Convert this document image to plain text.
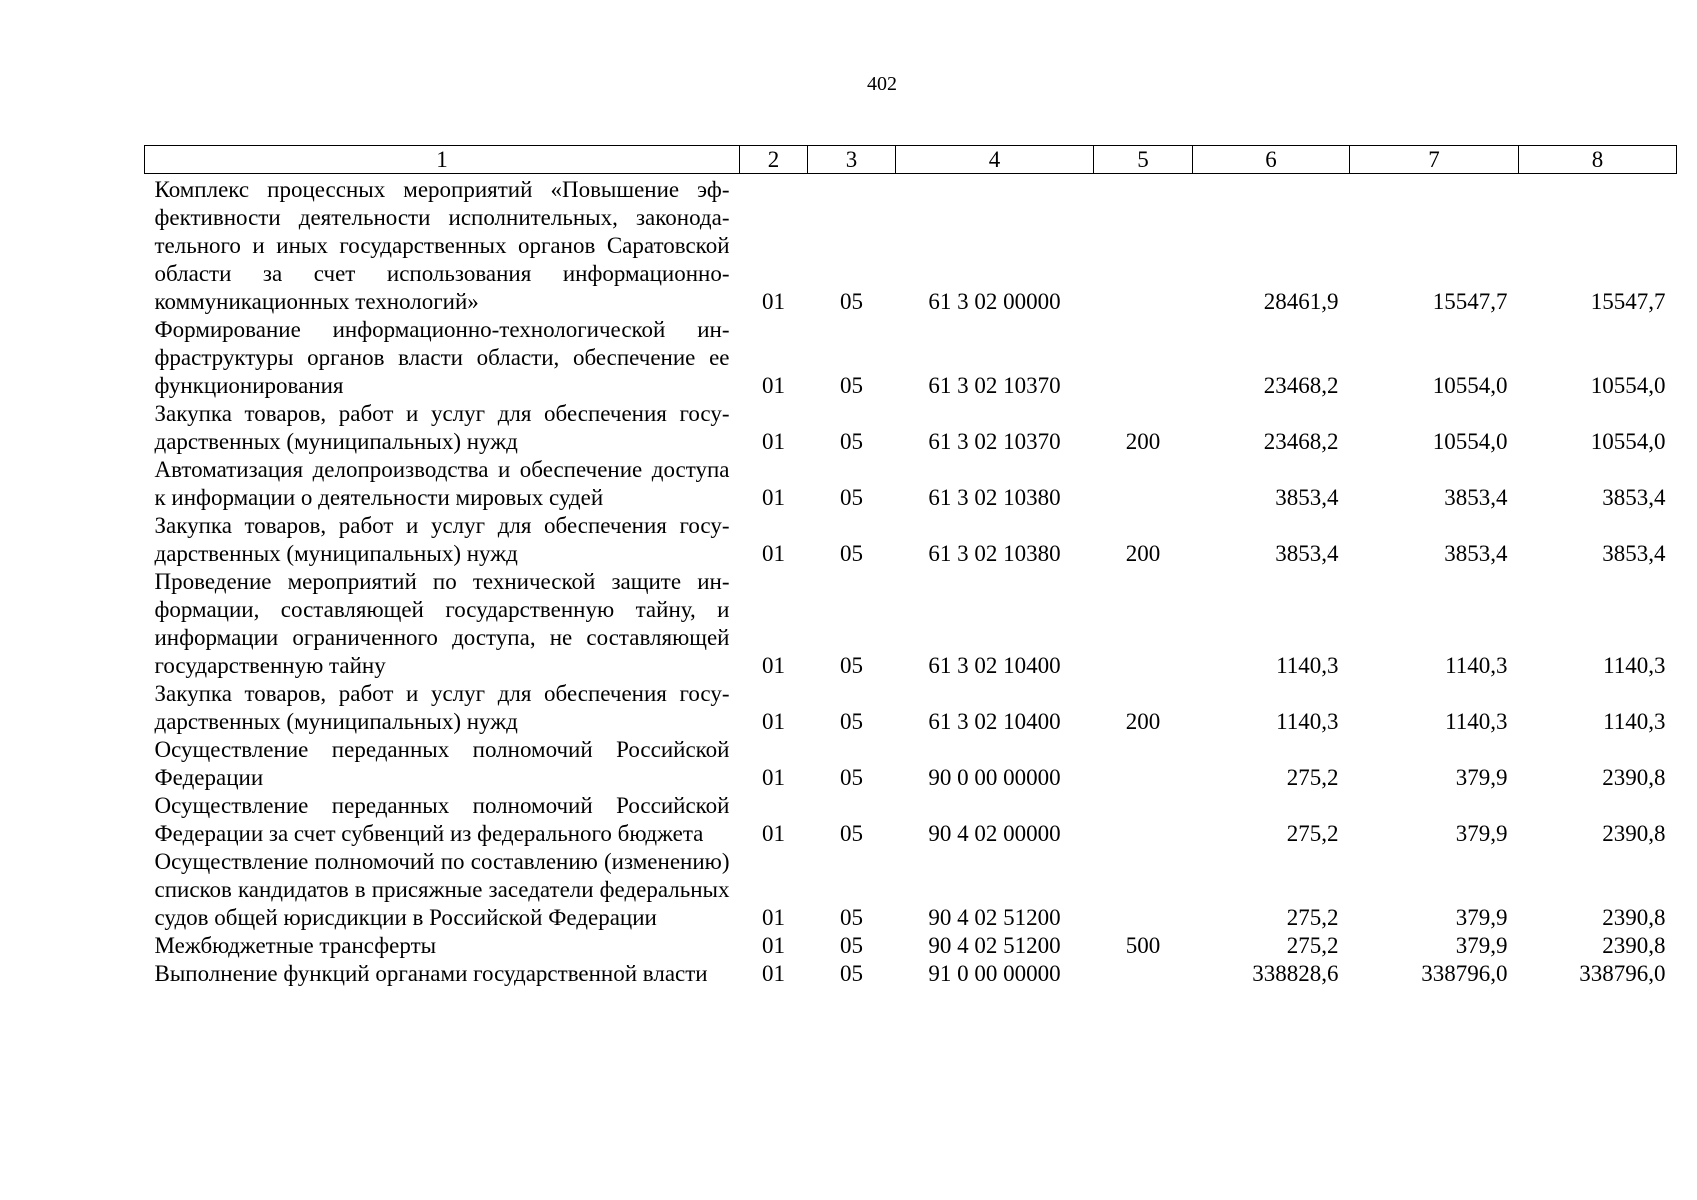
402
1	2	3	4	5	6	7	8
Комплекс процессных мероприятий «Повышение эффективности деятельности исполнительных, законодательного и иных государственных органов Саратовской области за счет использования информационно-коммуникационных технологий»	01	05	61 3 02 00000		28461,9	15547,7	15547,7
Формирование информационно-технологической инфраструктуры органов власти области, обеспечение ее функционирования	01	05	61 3 02 10370		23468,2	10554,0	10554,0
Закупка товаров, работ и услуг для обеспечения государственных (муниципальных) нужд	01	05	61 3 02 10370	200	23468,2	10554,0	10554,0
Автоматизация делопроизводства и обеспечение доступа к информации о деятельности мировых судей	01	05	61 3 02 10380		3853,4	3853,4	3853,4
Закупка товаров, работ и услуг для обеспечения государственных (муниципальных) нужд	01	05	61 3 02 10380	200	3853,4	3853,4	3853,4
Проведение мероприятий по технической защите информации, составляющей государственную тайну, и информации ограниченного доступа, не составляющей государственную тайну	01	05	61 3 02 10400		1140,3	1140,3	1140,3
Закупка товаров, работ и услуг для обеспечения государственных (муниципальных) нужд	01	05	61 3 02 10400	200	1140,3	1140,3	1140,3
Осуществление переданных полномочий Российской Федерации	01	05	90 0 00 00000		275,2	379,9	2390,8
Осуществление переданных полномочий Российской Федерации за счет субвенций из федерального бюджета	01	05	90 4 02 00000		275,2	379,9	2390,8
Осуществление полномочий по составлению (изменению) списков кандидатов в присяжные заседатели федеральных судов общей юрисдикции в Российской Федерации	01	05	90 4 02 51200		275,2	379,9	2390,8
Межбюджетные трансферты	01	05	90 4 02 51200	500	275,2	379,9	2390,8
Выполнение функций органами государственной власти	01	05	91 0 00 00000		338828,6	338796,0	338796,0
